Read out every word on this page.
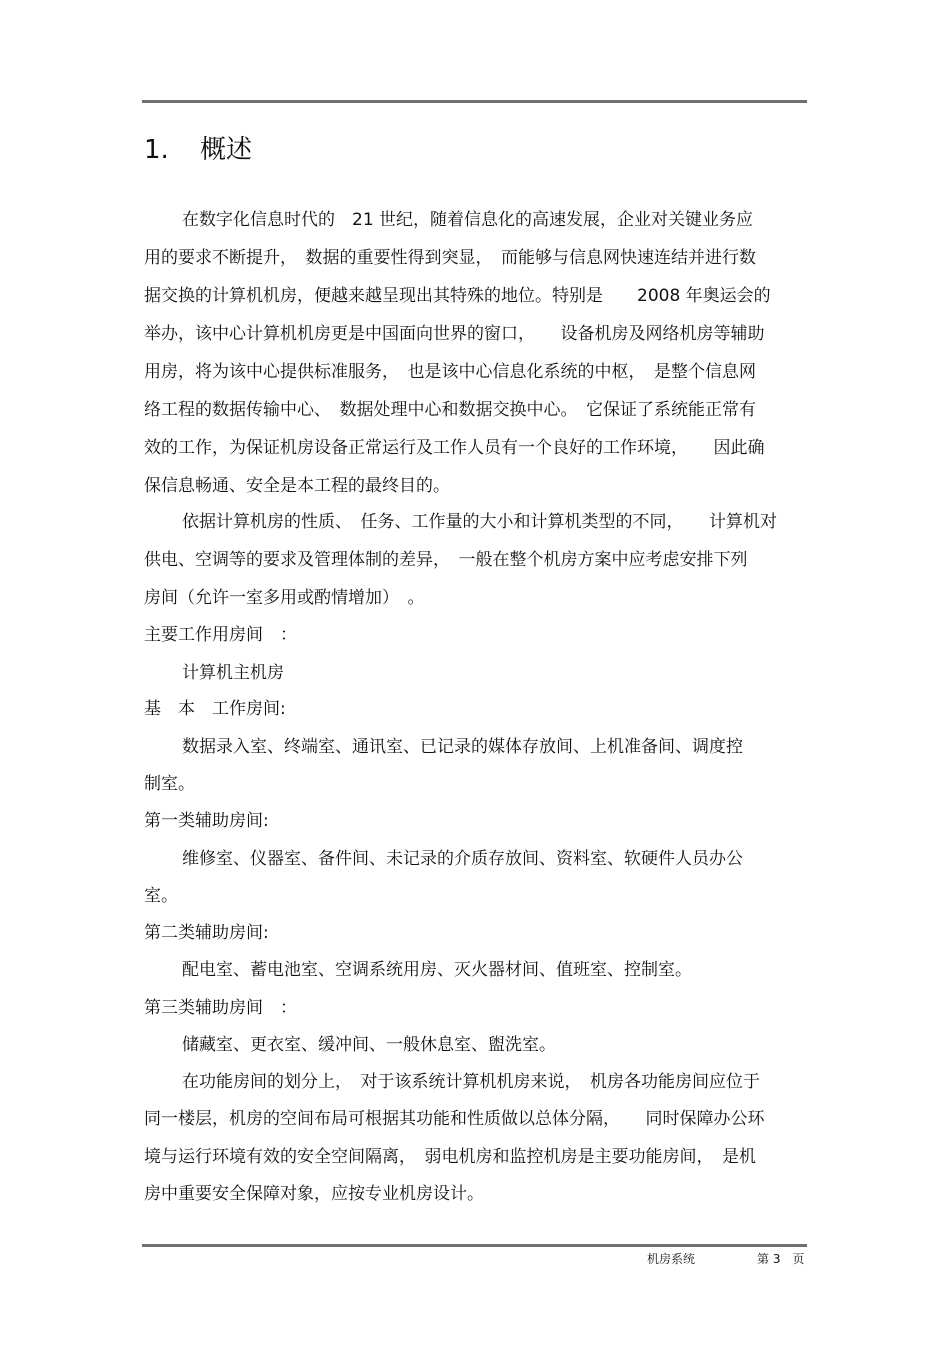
1. 概述
在数字化信息时代的　21 世纪，随着信息化的高速发展，企业对关键业务应
用的要求不断提升，　数据的重要性得到突显，　而能够与信息网快速连结并进行数
据交换的计算机机房，便越来越呈现出其特殊的地位。特别是　　2008 年奥运会的
举办，该中心计算机机房更是中国面向世界的窗口，　　设备机房及网络机房等辅助
用房，将为该中心提供标准服务，　也是该中心信息化系统的中枢，　是整个信息网
络工程的数据传输中心、　数据处理中心和数据交换中心。　它保证了系统能正常有
效的工作，为保证机房设备正常运行及工作人员有一个良好的工作环境，　　因此确
保信息畅通、安全是本工程的最终目的。
依据计算机房的性质、　任务、工作量的大小和计算机类型的不同，　　计算机对
供电、空调等的要求及管理体制的差异，　一般在整个机房方案中应考虑安排下列
房间（允许一室多用或酌情增加）　。
主要工作用房间　：
计算机主机房
基　本　工作房间:
数据录入室、终端室、通讯室、已记录的媒体存放间、上机准备间、调度控
制室。
第一类辅助房间:
维修室、仪器室、备件间、未记录的介质存放间、资料室、软硬件人员办公
室。
第二类辅助房间:
配电室、蓄电池室、空调系统用房、灭火器材间、值班室、控制室。
第三类辅助房间　：
储藏室、更衣室、缓冲间、一般休息室、盥洗室。
在功能房间的划分上，　对于该系统计算机机房来说，　机房各功能房间应位于
同一楼层，机房的空间布局可根据其功能和性质做以总体分隔，　　同时保障办公环
境与运行环境有效的安全空间隔离，　弱电机房和监控机房是主要功能房间，　是机
房中重要安全保障对象，应按专业机房设计。
机房系统	第 3　页
